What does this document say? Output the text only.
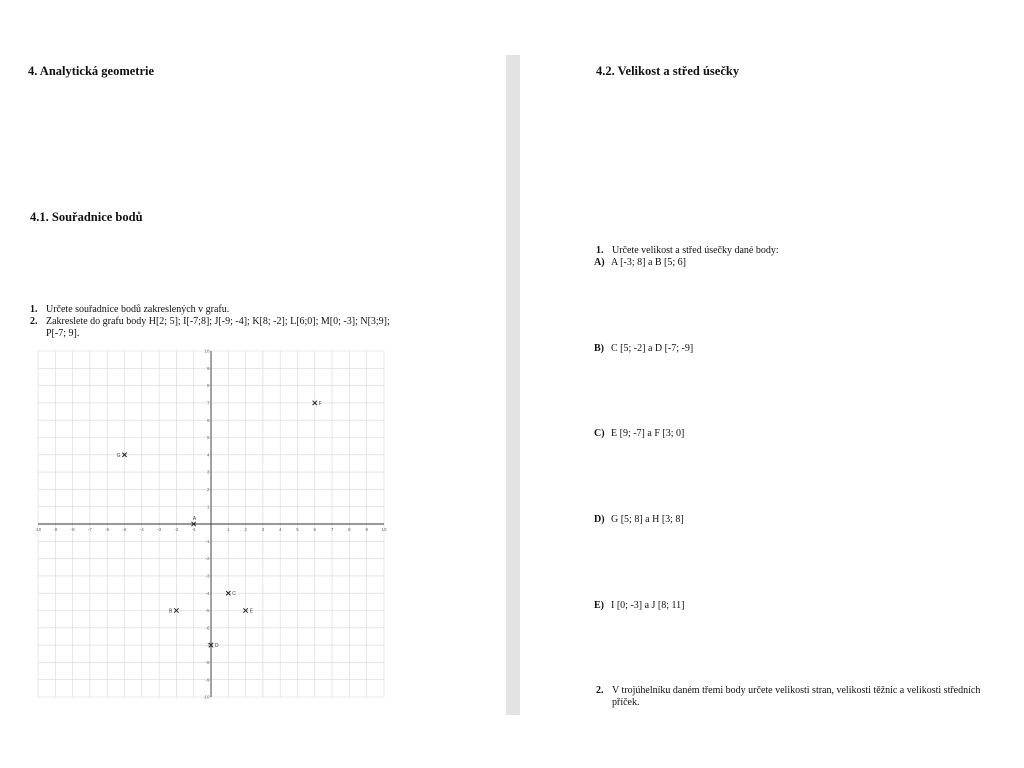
4. Analytická geometrie
4.1. Souřadnice bodů
1. Určete souřadnice bodů zakreslených v grafu.
2. Zakreslete do grafu body H[2; 5]; I[-7;8]; J[-9; -4]; K[8; -2]; L[6;0]; M[0; -3]; N[3;9];
P[-7; 9].
-10	-9	-8	-7	-6	-5	-4	-3	-2	-1	1	2	3	4	5	6	7	8	9	10
-10
-9
-8
-7
-6
-5
-4
-3
-2
-1
1
2
3
4
5
6
7
8
9
10
A
B
C
D
E
F
G
4.2. Velikost a střed úsečky
1. Určete velikost a střed úsečky dané body:
A) A [-3; 8] a B [5; 6]
B) C [5; -2] a D [-7; -9]
C) E [9; -7] a F [3; 0]
D) G [5; 8] a H [3; 8]
E) I [0; -3] a J [8; 11]
2. V trojúhelníku daném třemi body určete velikosti stran, velikosti těžnic a velikosti středních
příček.
